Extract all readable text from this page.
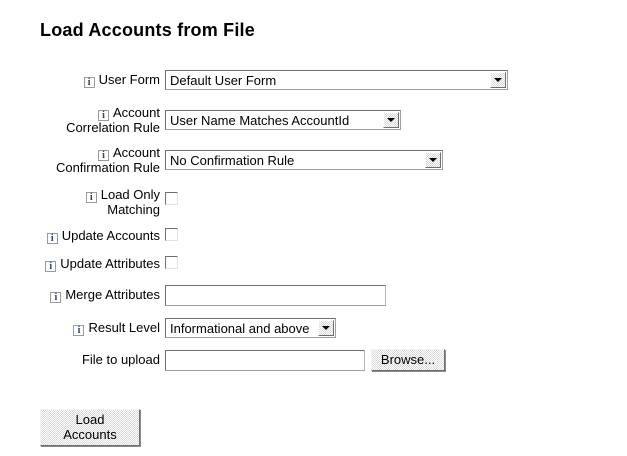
Load Accounts from File
i User Form Default User Form
i Account
Correlation Rule User Name Matches AccountId
i Account
Confirmation Rule No Confirmation Rule
i Load Only
Matching
i Update Accounts
i Update Attributes
i Merge Attributes
i Result Level Informational and above
File to upload	Browse...
Load Accounts
